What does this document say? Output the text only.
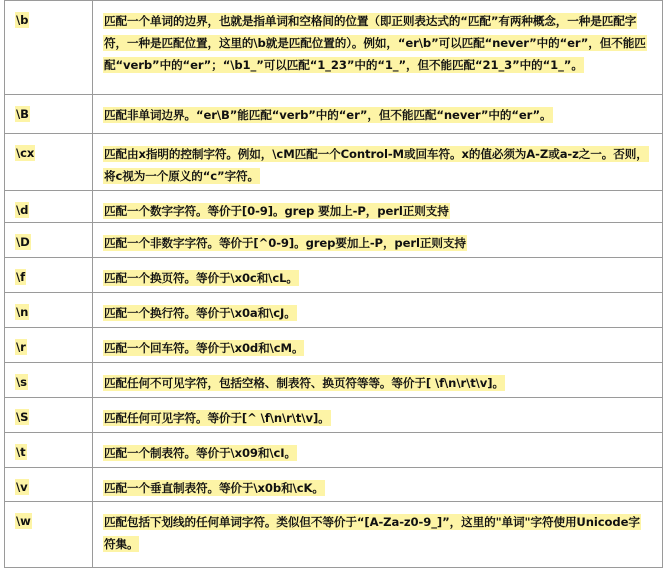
\b	匹配一个单词的边界，也就是指单词和空格间的位置（即正则表达式的“匹配”有两种概念，一种是匹配字符，一种是匹配位置，这里的\b就是匹配位置的）。例如，“er\b”可以匹配“never”中的“er”，但不能匹配“verb”中的“er”；“\b1_”可以匹配“1_23”中的“1_”，但不能匹配“21_3”中的“1_”。
\B	匹配非单词边界。“er\B”能匹配“verb”中的“er”，但不能匹配“never”中的“er”。
\cx	匹配由x指明的控制字符。例如，\cM匹配一个Control-M或回车符。x的值必须为A-Z或a-z之一。否则，将c视为一个原义的“c”字符。
\d	匹配一个数字字符。等价于[0-9]。grep 要加上-P，perl正则支持
\D	匹配一个非数字字符。等价于[^0-9]。grep要加上-P，perl正则支持
\f	匹配一个换页符。等价于\x0c和\cL。
\n	匹配一个换行符。等价于\x0a和\cJ。
\r	匹配一个回车符。等价于\x0d和\cM。
\s	匹配任何不可见字符，包括空格、制表符、换页符等等。等价于[ \f\n\r\t\v]。
\S	匹配任何可见字符。等价于[^ \f\n\r\t\v]。
\t	匹配一个制表符。等价于\x09和\cI。
\v	匹配一个垂直制表符。等价于\x0b和\cK。
\w	匹配包括下划线的任何单词字符。类似但不等价于“[A-Za-z0-9_]”，这里的"单词"字符使用Unicode字符集。
